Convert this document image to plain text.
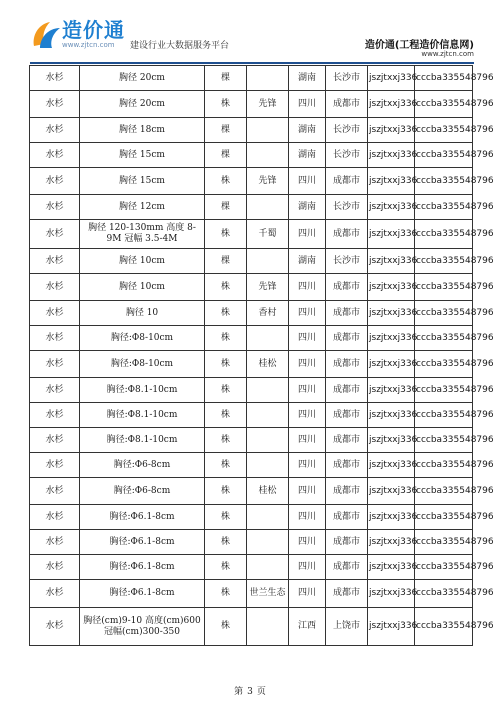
造价通
www.zjtcn.com 建设行业大数据服务平台	造价通(工程造价信息网)
www.zjtcn.com
水杉	胸径 20cm	棵		湖南	长沙市	jszjtxxj336	cccba335548796
水杉	胸径 20cm	株	先锋	四川	成都市	jszjtxxj336	cccba335548796
水杉	胸径 18cm	棵		湖南	长沙市	jszjtxxj336	cccba335548796
水杉	胸径 15cm	棵		湖南	长沙市	jszjtxxj336	cccba335548796
水杉	胸径 15cm	株	先锋	四川	成都市	jszjtxxj336	cccba335548796
水杉	胸径 12cm	棵		湖南	长沙市	jszjtxxj336	cccba335548796
水杉	胸径 120-130mm 高度 8-9M 冠幅 3.5-4M	株	千蜀	四川	成都市	jszjtxxj336	cccba335548796
水杉	胸径 10cm	棵		湖南	长沙市	jszjtxxj336	cccba335548796
水杉	胸径 10cm	株	先锋	四川	成都市	jszjtxxj336	cccba335548796
水杉	胸径 10	株	香村	四川	成都市	jszjtxxj336	cccba335548796
水杉	胸径:Φ8-10cm	株		四川	成都市	jszjtxxj336	cccba335548796
水杉	胸径:Φ8-10cm	株	桂松	四川	成都市	jszjtxxj336	cccba335548796
水杉	胸径:Φ8.1-10cm	株		四川	成都市	jszjtxxj336	cccba335548796
水杉	胸径:Φ8.1-10cm	株		四川	成都市	jszjtxxj336	cccba335548796
水杉	胸径:Φ8.1-10cm	株		四川	成都市	jszjtxxj336	cccba335548796
水杉	胸径:Φ6-8cm	株		四川	成都市	jszjtxxj336	cccba335548796
水杉	胸径:Φ6-8cm	株	桂松	四川	成都市	jszjtxxj336	cccba335548796
水杉	胸径:Φ6.1-8cm	株		四川	成都市	jszjtxxj336	cccba335548796
水杉	胸径:Φ6.1-8cm	株		四川	成都市	jszjtxxj336	cccba335548796
水杉	胸径:Φ6.1-8cm	株		四川	成都市	jszjtxxj336	cccba335548796
水杉	胸径:Φ6.1-8cm	株	世兰生态	四川	成都市	jszjtxxj336	cccba335548796
水杉	胸径(cm)9-10 高度(cm)600 冠幅(cm)300-350	株		江西	上饶市	jszjtxxj336	cccba335548796
第 3 页
